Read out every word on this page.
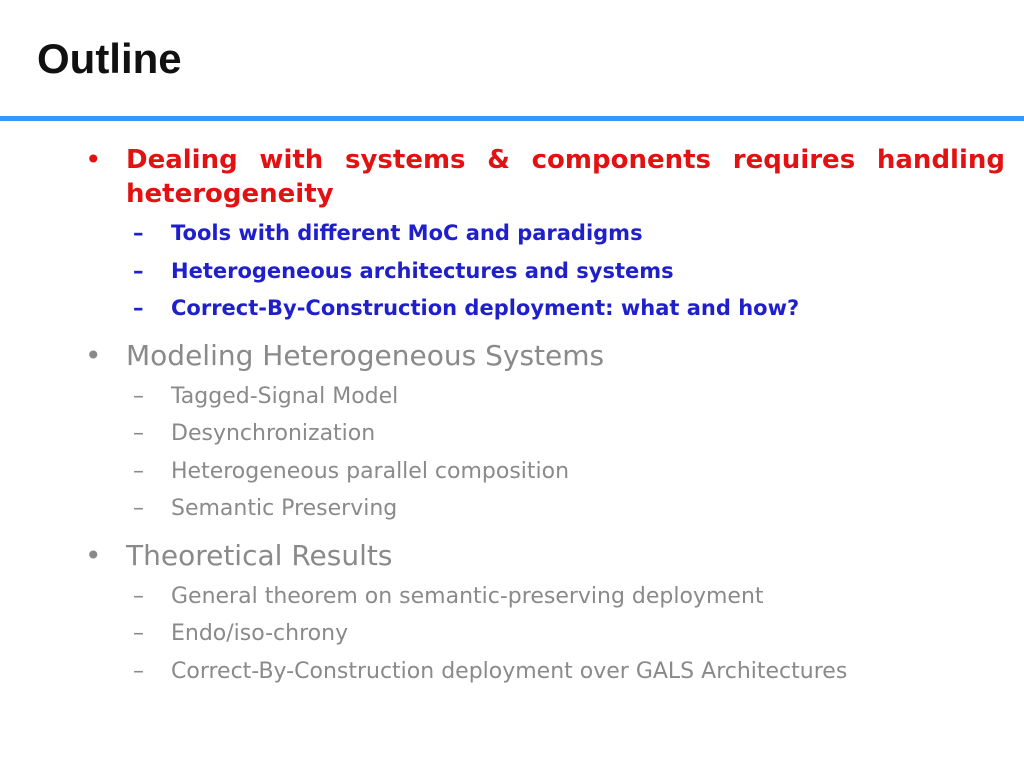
Outline
• Dealing with systems & components requires handling heterogeneity
–	Tools with different MoC and paradigms
–	Heterogeneous architectures and systems
–	Correct-By-Construction deployment: what and how?
• Modeling Heterogeneous Systems
–	Tagged-Signal Model
–	Desynchronization
–	Heterogeneous parallel composition
–	Semantic Preserving
• Theoretical Results
–	General theorem on semantic-preserving deployment
–	Endo/iso-chrony
–	Correct-By-Construction deployment over GALS Architectures
